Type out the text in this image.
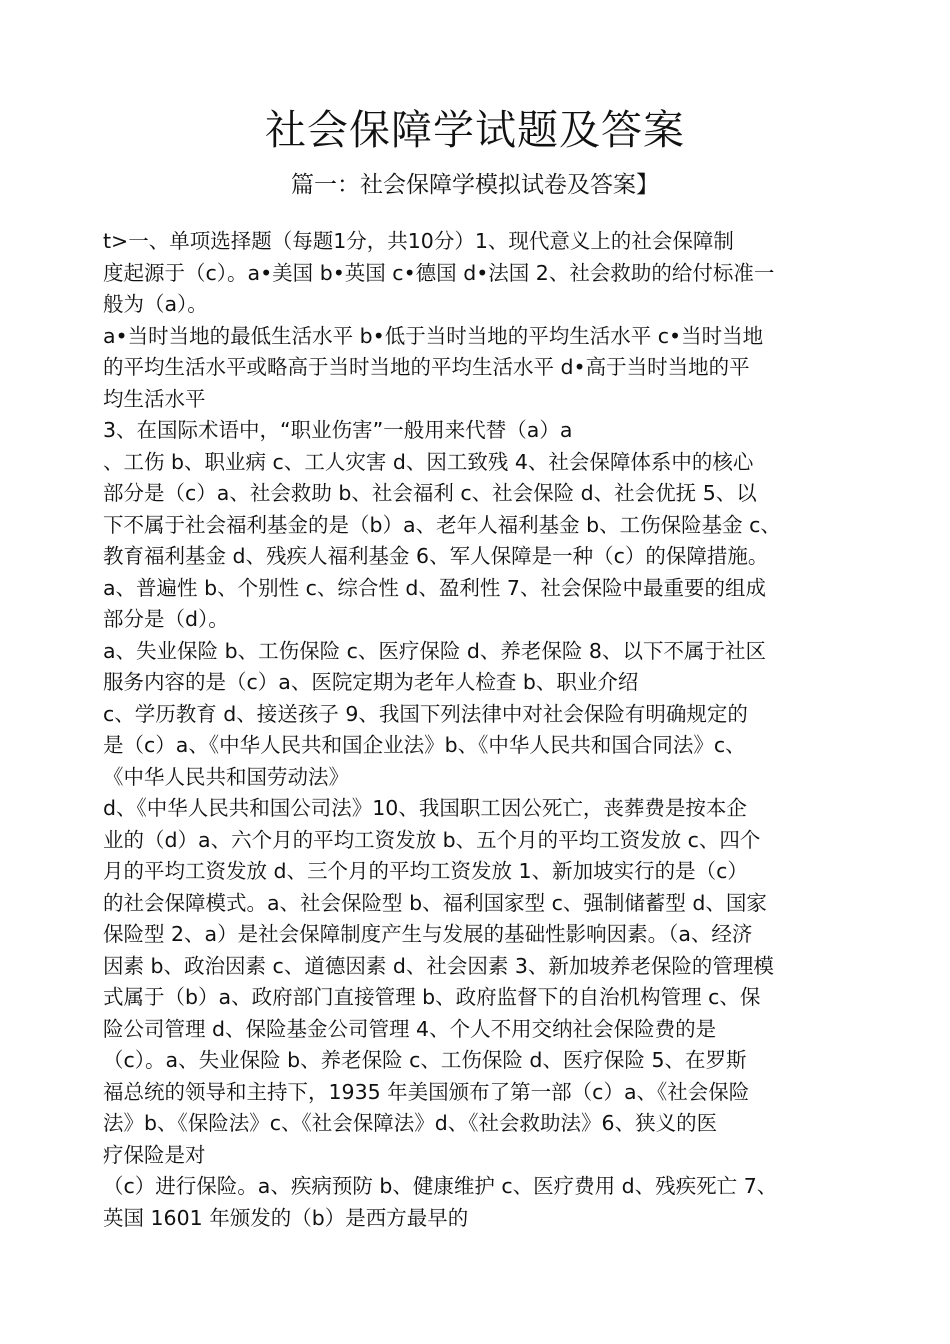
社会保障学试题及答案
篇一：社会保障学模拟试卷及答案】
t>一、单项选择题（每题1分，共10分）1、现代意义上的社会保障制
度起源于（c）。a•美国 b•英国 c•德国 d•法国 2、社会救助的给付标准一
般为（a）。
a•当时当地的最低生活水平 b•低于当时当地的平均生活水平 c•当时当地
的平均生活水平或略高于当时当地的平均生活水平 d•高于当时当地的平
均生活水平
3、在国际术语中，“职业伤害”一般用来代替（a）a
、工伤 b、职业病 c、工人灾害 d、因工致残 4、社会保障体系中的核心
部分是（c）a、社会救助 b、社会福利 c、社会保险 d、社会优抚 5、以
下不属于社会福利基金的是（b）a、老年人福利基金 b、工伤保险基金 c、
教育福利基金 d、残疾人福利基金 6、军人保障是一种（c）的保障措施。
a、普遍性 b、个别性 c、综合性 d、盈利性 7、社会保险中最重要的组成
部分是（d）。
a、失业保险 b、工伤保险 c、医疗保险 d、养老保险 8、以下不属于社区
服务内容的是（c）a、医院定期为老年人检查 b、职业介绍
c、学历教育 d、接送孩子 9、我国下列法律中对社会保险有明确规定的
是（c）a、《中华人民共和国企业法》b、《中华人民共和国合同法》c、
《中华人民共和国劳动法》
d、《中华人民共和国公司法》10、我国职工因公死亡，丧葬费是按本企
业的（d）a、六个月的平均工资发放 b、五个月的平均工资发放 c、四个
月的平均工资发放 d、三个月的平均工资发放 1、新加坡实行的是（c）
的社会保障模式。a、社会保险型 b、福利国家型 c、强制储蓄型 d、国家
保险型 2、a）是社会保障制度产生与发展的基础性影响因素。（a、经济
因素 b、政治因素 c、道德因素 d、社会因素 3、新加坡养老保险的管理模
式属于（b）a、政府部门直接管理 b、政府监督下的自治机构管理 c、保
险公司管理 d、保险基金公司管理 4、个人不用交纳社会保险费的是
（c）。a、失业保险 b、养老保险 c、工伤保险 d、医疗保险 5、在罗斯
福总统的领导和主持下，1935 年美国颁布了第一部（c）a、《社会保险
法》b、《保险法》c、《社会保障法》d、《社会救助法》6、狭义的医
疗保险是对
（c）进行保险。a、疾病预防 b、健康维护 c、医疗费用 d、残疾死亡 7、
英国 1601 年颁发的（b）是西方最早的
